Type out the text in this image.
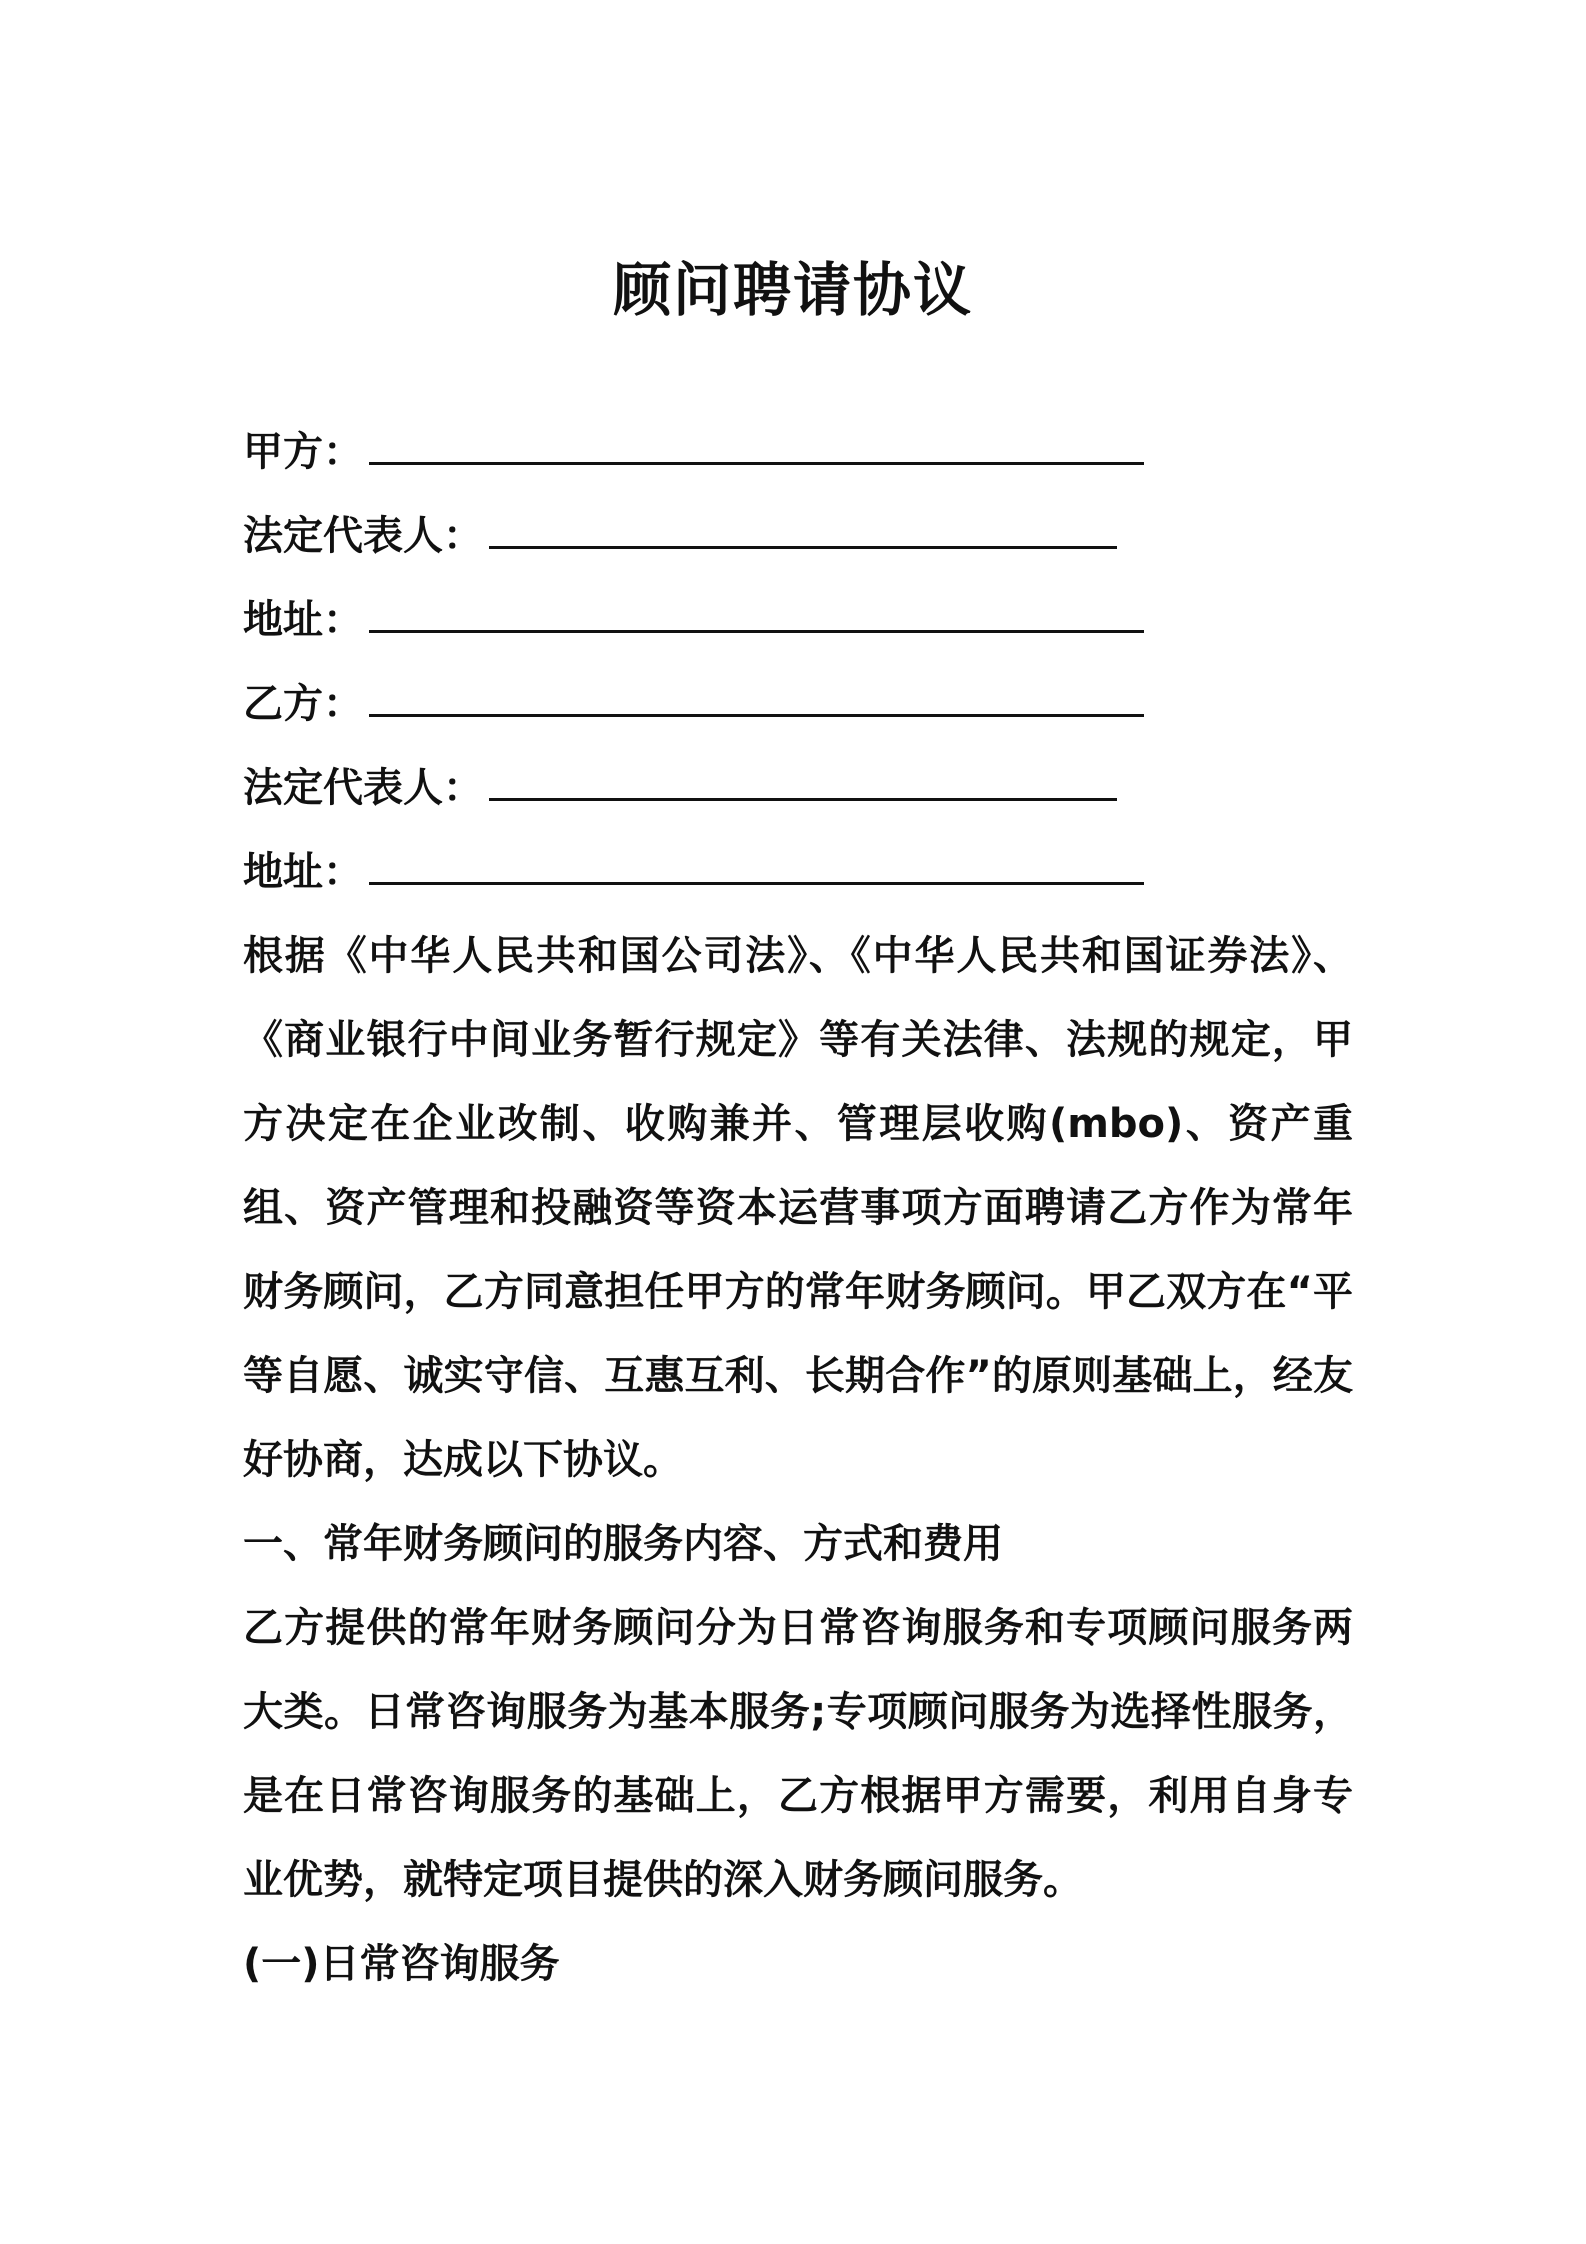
顾问聘请协议
甲方：
法定代表人：
地址：
乙方：
法定代表人：
地址：
根据《中华人民共和国公司法》、《中华人民共和国证券法》、《商业银行中间业务暂行规定》等有关法律、法规的规定，甲方决定在企业改制、收购兼并、管理层收购(mbo)、资产重组、资产管理和投融资等资本运营事项方面聘请乙方作为常年财务顾问，乙方同意担任甲方的常年财务顾问。甲乙双方在“平等自愿、诚实守信、互惠互利、长期合作”的原则基础上，经友好协商，达成以下协议。
一、常年财务顾问的服务内容、方式和费用
乙方提供的常年财务顾问分为日常咨询服务和专项顾问服务两大类。日常咨询服务为基本服务;专项顾问服务为选择性服务，是在日常咨询服务的基础上，乙方根据甲方需要，利用自身专业优势，就特定项目提供的深入财务顾问服务。
(一)日常咨询服务
